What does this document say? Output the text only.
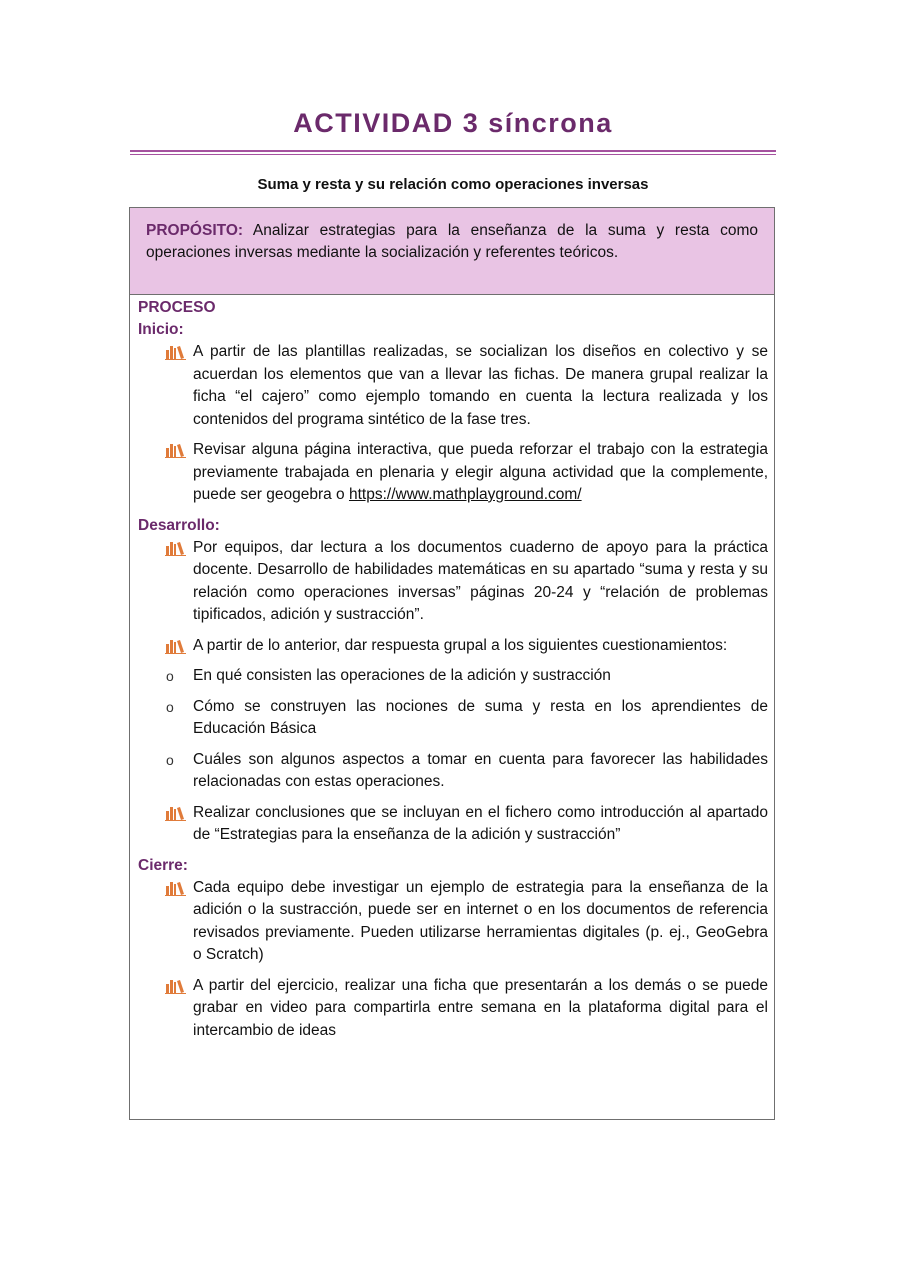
ACTIVIDAD 3 síncrona
Suma y resta y su relación como operaciones inversas
PROPÓSITO: Analizar estrategias para la enseñanza de la suma y resta como operaciones inversas mediante la socialización y referentes teóricos.
PROCESO
Inicio:
A partir de las plantillas realizadas, se socializan los diseños en colectivo y se acuerdan los elementos que van a llevar las fichas. De manera grupal realizar la ficha “el cajero” como ejemplo tomando en cuenta la lectura realizada y los contenidos del programa sintético de la fase tres.
Revisar alguna página interactiva, que pueda reforzar el trabajo con la estrategia previamente trabajada en plenaria y elegir alguna actividad que la complemente, puede ser geogebra o https://www.mathplayground.com/
Desarrollo:
Por equipos, dar lectura a los documentos cuaderno de apoyo para la práctica docente. Desarrollo de habilidades matemáticas en su apartado “suma y resta y su relación como operaciones inversas” páginas 20-24 y “relación de problemas tipificados, adición y sustracción”.
A partir de lo anterior, dar respuesta grupal a los siguientes cuestionamientos:
o En qué consisten las operaciones de la adición y sustracción
o Cómo se construyen las nociones de suma y resta en los aprendientes de Educación Básica
o Cuáles son algunos aspectos a tomar en cuenta para favorecer las habilidades relacionadas con estas operaciones.
Realizar conclusiones que se incluyan en el fichero como introducción al apartado de “Estrategias para la enseñanza de la adición y sustracción”
Cierre:
Cada equipo debe investigar un ejemplo de estrategia para la enseñanza de la adición o la sustracción, puede ser en internet o en los documentos de referencia revisados previamente. Pueden utilizarse herramientas digitales (p. ej., GeoGebra o Scratch)
A partir del ejercicio, realizar una ficha que presentarán a los demás o se puede grabar en video para compartirla entre semana en la plataforma digital para el intercambio de ideas
